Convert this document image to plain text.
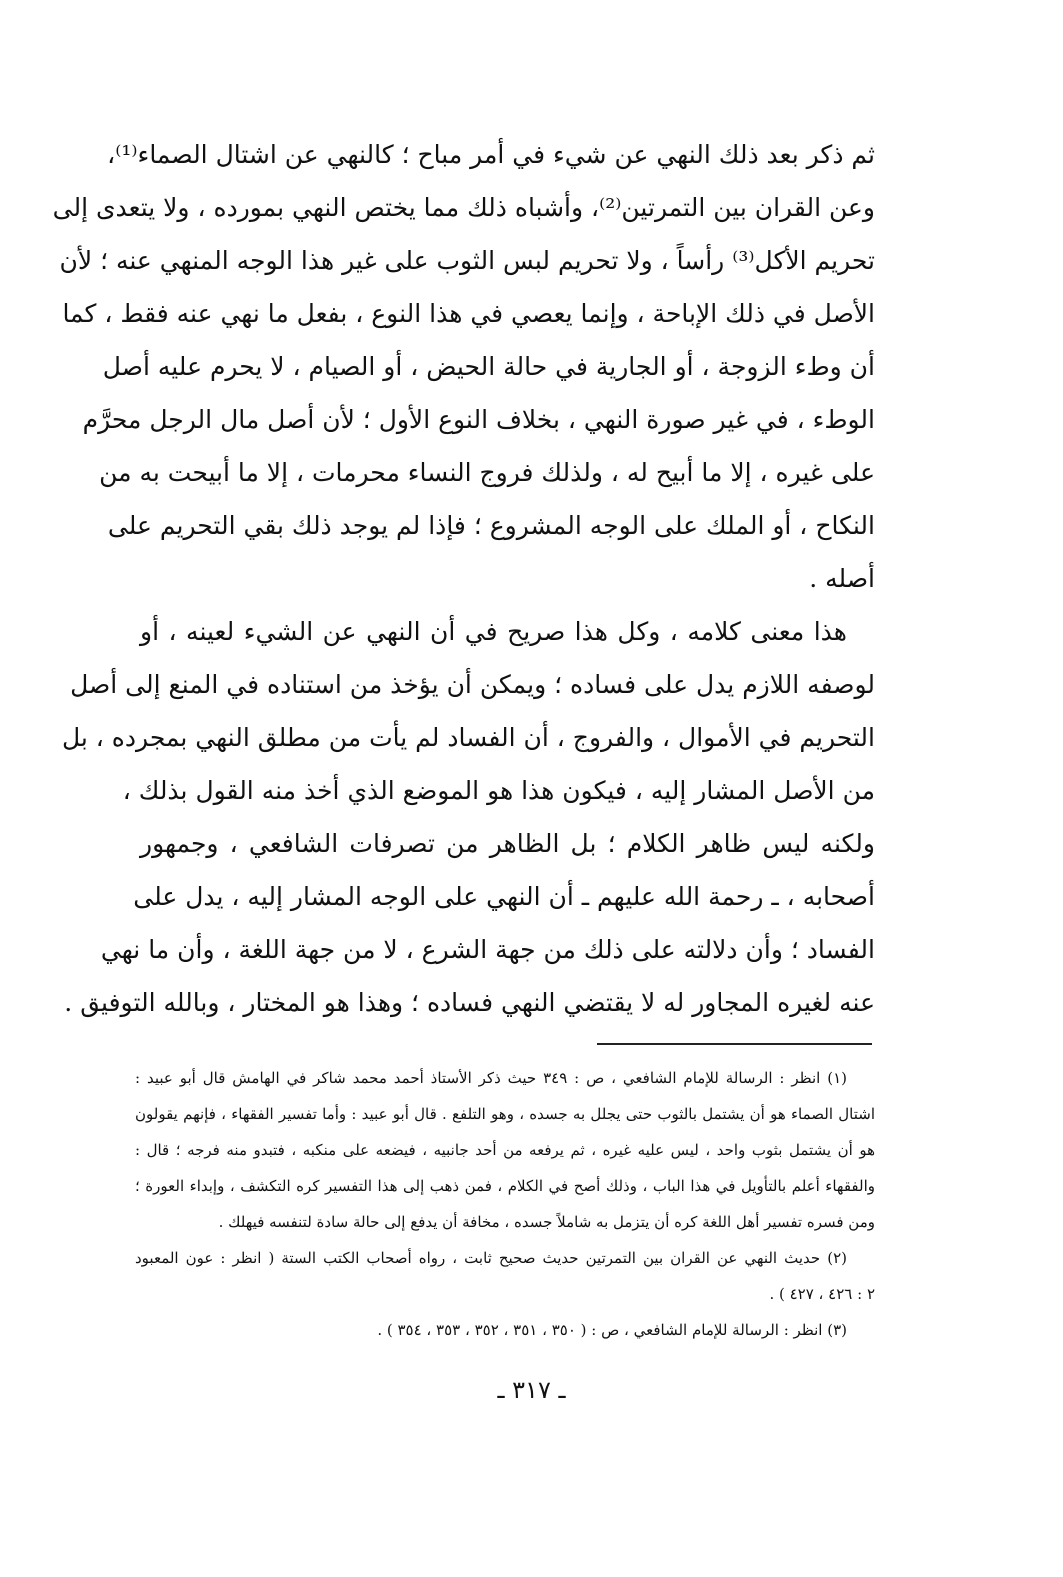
ثم ذكر بعد ذلك النهي عن شيء في أمر مباح ؛ كالنهي عن اشتال الصماء⁽¹⁾،
وعن القران بين التمرتين⁽²⁾، وأشباه ذلك مما يختص النهي بمورده ، ولا يتعدى إلى
تحريم الأكل⁽³⁾ رأساً ، ولا تحريم لبس الثوب على غير هذا الوجه المنهي عنه ؛ لأن
الأصل في ذلك الإباحة ، وإنما يعصي في هذا النوع ، بفعل ما نهي عنه فقط ، كما
أن وطء الزوجة ، أو الجارية في حالة الحيض ، أو الصيام ، لا يحرم عليه أصل
الوطء ، في غير صورة النهي ، بخلاف النوع الأول ؛ لأن أصل مال الرجل محرَّم
على غيره ، إلا ما أبيح له ، ولذلك فروج النساء محرمات ، إلا ما أبيحت به من
النكاح ، أو الملك على الوجه المشروع ؛ فإذا لم يوجد ذلك بقي التحريم على
أصله .
هذا معنى كلامه ، وكل هذا صريح في أن النهي عن الشيء لعينه ، أو
لوصفه اللازم يدل على فساده ؛ ويمكن أن يؤخذ من استناده في المنع إلى أصل
التحريم في الأموال ، والفروج ، أن الفساد لم يأت من مطلق النهي بمجرده ، بل
من الأصل المشار إليه ، فيكون هذا هو الموضع الذي أخذ منه القول بذلك ،
ولكنه ليس ظاهر الكلام ؛ بل الظاهر من تصرفات الشافعي ، وجمهور
أصحابه ، ـ رحمة الله عليهم ـ أن النهي على الوجه المشار إليه ، يدل على
الفساد ؛ وأن دلالته على ذلك من جهة الشرع ، لا من جهة اللغة ، وأن ما نهي
عنه لغيره المجاور له لا يقتضي النهي فساده ؛ وهذا هو المختار ، وبالله التوفيق .
(١) انظر : الرسالة للإمام الشافعي ، ص : ٣٤٩ حيث ذكر الأستاذ أحمد محمد شاكر في الهامش قال أبو عبيد :
اشتال الصماء هو أن يشتمل بالثوب حتى يجلل به جسده ، وهو التلفع . قال أبو عبيد : وأما تفسير الفقهاء ، فإنهم يقولون
هو أن يشتمل بثوب واحد ، ليس عليه غيره ، ثم يرفعه من أحد جانبيه ، فيضعه على منكبه ، فتبدو منه فرجه ؛ قال :
والفقهاء أعلم بالتأويل في هذا الباب ، وذلك أصح في الكلام ، فمن ذهب إلى هذا التفسير كره التكشف ، وإبداء العورة ؛
ومن فسره تفسير أهل اللغة كره أن يتزمل به شاملاً جسده ، مخافة أن يدفع إلى حالة سادة لتنفسه فيهلك .
(٢) حديث النهي عن القران بين التمرتين حديث صحيح ثابت ، رواه أصحاب الكتب الستة ( انظر : عون المعبود
٢ : ٤٢٦ ، ٤٢٧ ) .
(٣) انظر : الرسالة للإمام الشافعي ، ص : ( ٣٥٠ ، ٣٥١ ، ٣٥٢ ، ٣٥٣ ، ٣٥٤ ) .
ـ ٣١٧ ـ
